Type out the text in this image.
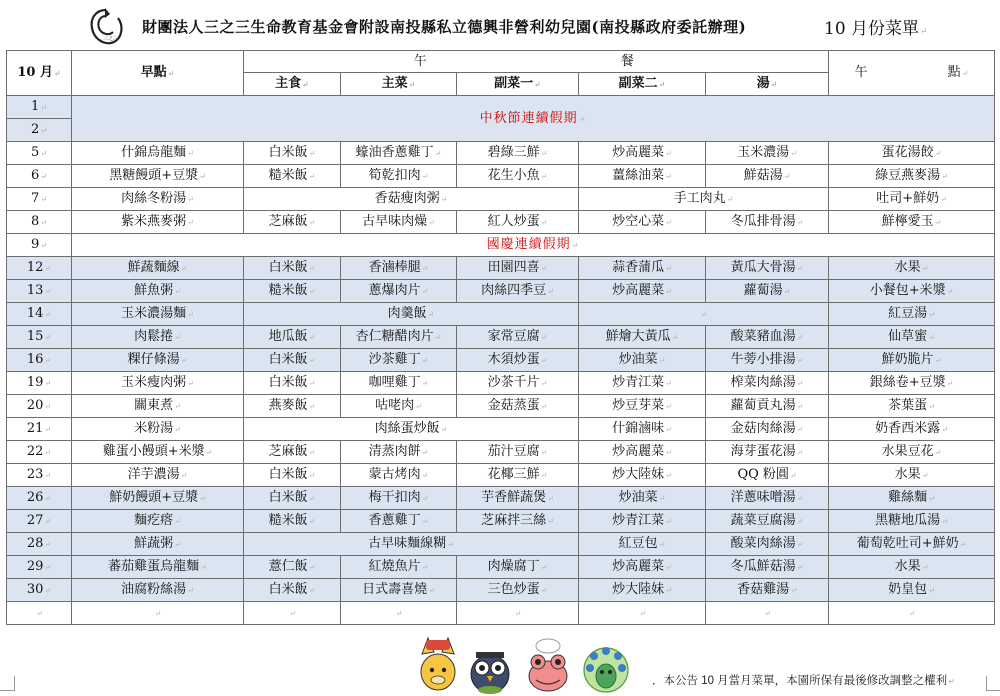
三之三
財團法人三之三生命教育基金會附設南投縣私立德興非營利幼兒園(南投縣政府委託辦理)	10 月份菜單↵
10 月↵	早點↵	午		餐			午 點↵
		主食↵	主菜↵	副菜一↵	副菜二↵	湯↵	
1↵	中秋節連續假期↵						
2↵							
5↵	什錦烏龍麵↵	白米飯↵	蠔油香蔥雞丁↵	碧綠三鮮↵	炒高麗菜↵	玉米濃湯↵	蛋花湯餃↵
6↵	黑糖饅頭+豆漿↵	糙米飯↵	筍乾扣肉↵	花生小魚↵	薑絲油菜↵	鮮菇湯↵	綠豆燕麥湯↵
7↵	肉絲冬粉湯↵	香菇瘦肉粥↵			手工肉丸↵		吐司+鮮奶↵
8↵	紫米燕麥粥↵	芝麻飯↵	古早味肉燥↵	紅人炒蛋↵	炒空心菜↵	冬瓜排骨湯↵	鮮檸愛玉↵
9↵	國慶連續假期↵						
12↵	鮮蔬麵線↵	白米飯↵	香滷棒腿↵	田園四喜↵	蒜香蒲瓜↵	黃瓜大骨湯↵	水果↵
13↵	鮮魚粥↵	糙米飯↵	蔥爆肉片↵	肉絲四季豆↵	炒高麗菜↵	蘿蔔湯↵	小餐包+米漿↵
14↵	玉米濃湯麵↵	肉羹飯↵			↵		紅豆湯↵
15↵	肉鬆捲↵	地瓜飯↵	杏仁糖醋肉片↵	家常豆腐↵	鮮燴大黃瓜↵	酸菜豬血湯↵	仙草蜜↵
16↵	粿仔條湯↵	白米飯↵	沙茶雞丁↵	木須炒蛋↵	炒油菜↵	牛蒡小排湯↵	鮮奶脆片↵
19↵	玉米瘦肉粥↵	白米飯↵	咖哩雞丁↵	沙茶千片↵	炒青江菜↵	榨菜肉絲湯↵	銀絲卷+豆漿↵
20↵	關東煮↵	燕麥飯↵	咕咾肉↵	金菇蒸蛋↵	炒豆芽菜↵	蘿蔔貢丸湯↵	茶葉蛋↵
21↵	米粉湯↵	肉絲蛋炒飯↵			什錦滷味↵	金菇肉絲湯↵	奶香西米露↵
22↵	雞蛋小饅頭+米漿↵	芝麻飯↵	清蒸肉餅↵	茄汁豆腐↵	炒高麗菜↵	海芽蛋花湯↵	水果豆花↵
23↵	洋芋濃湯↵	白米飯↵	蒙古烤肉↵	花椰三鮮↵	炒大陸妹↵	QQ 粉圓↵	水果↵
26↵	鮮奶饅頭+豆漿↵	白米飯↵	梅干扣肉↵	芋香鮮蔬煲↵	炒油菜↵	洋蔥味噌湯↵	雞絲麵↵
27↵	麵疙瘩↵	糙米飯↵	香蔥雞丁↵	芝麻拌三絲↵	炒青江菜↵	蔬菜豆腐湯↵	黑糖地瓜湯↵
28↵	鮮蔬粥↵	古早味麵線糊↵			紅豆包↵	酸菜肉絲湯↵	葡萄乾吐司+鮮奶↵
29↵	蕃茄雞蛋烏龍麵↵	薏仁飯↵	紅燒魚片↵	肉燥腐丁↵	炒高麗菜↵	冬瓜鮮菇湯↵	水果↵
30↵	油腐粉絲湯↵	白米飯↵	日式壽喜燒↵	三色炒蛋↵	炒大陸妹↵	香菇雞湯↵	奶皇包↵
↵	↵	↵	↵	↵	↵	↵	↵
．本公告 10 月當月菜單，本園所保有最後修改調整之權利↵
